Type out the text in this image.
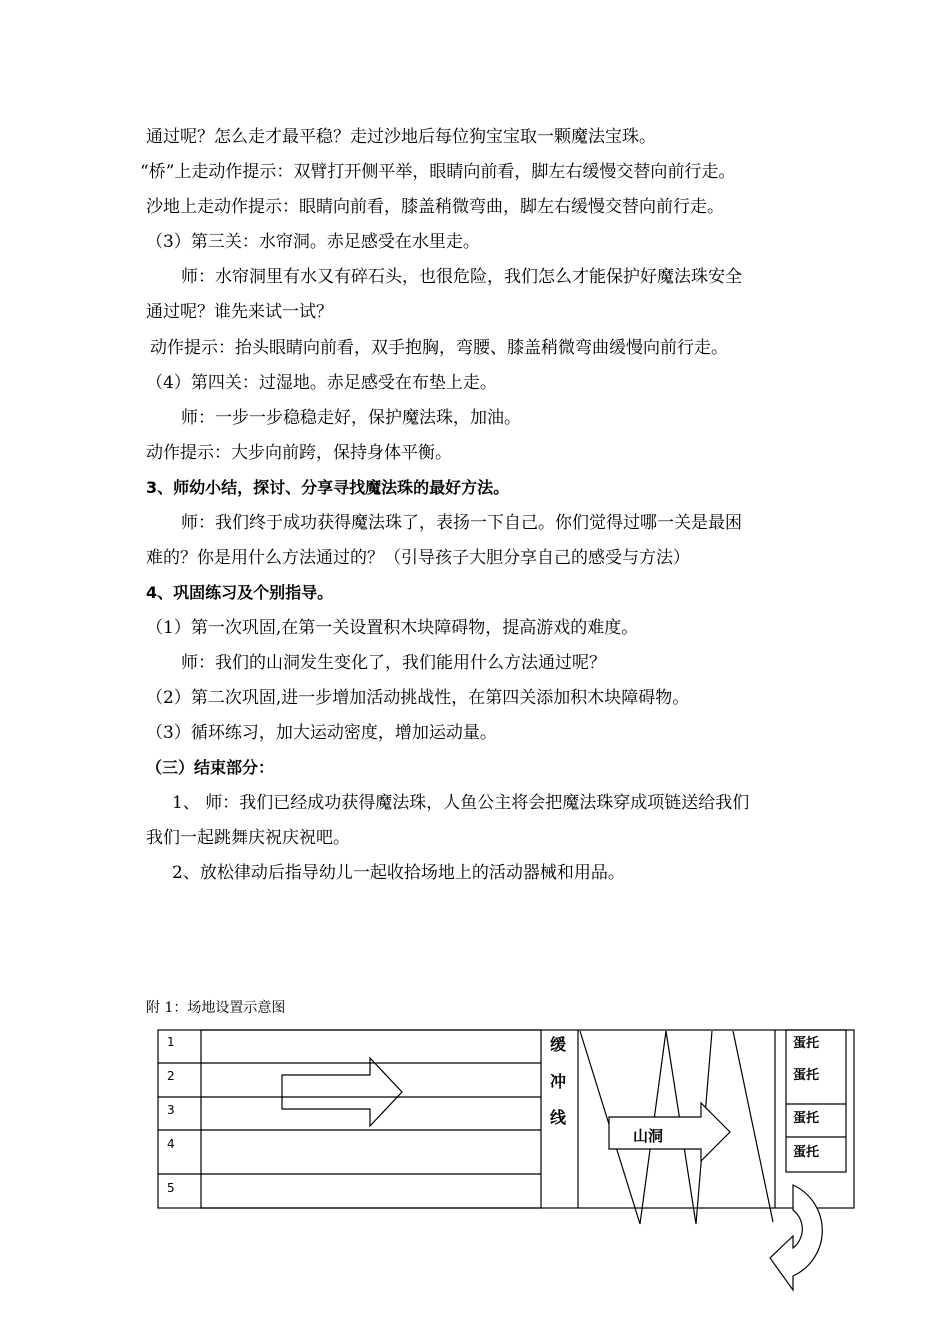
通过呢？怎么走才最平稳？走过沙地后每位狗宝宝取一颗魔法宝珠。
“桥”上走动作提示：双臂打开侧平举，眼睛向前看，脚左右缓慢交替向前行走。
沙地上走动作提示：眼睛向前看，膝盖稍微弯曲，脚左右缓慢交替向前行走。
（3）第三关：水帘洞。赤足感受在水里走。
师：水帘洞里有水又有碎石头，也很危险，我们怎么才能保护好魔法珠安全
通过呢？谁先来试一试？
动作提示：抬头眼睛向前看，双手抱胸，弯腰、膝盖稍微弯曲缓慢向前行走。
（4）第四关：过湿地。赤足感受在布垫上走。
师：一步一步稳稳走好，保护魔法珠，加油。
动作提示：大步向前跨，保持身体平衡。
3、师幼小结，探讨、分享寻找魔法珠的最好方法。
师：我们终于成功获得魔法珠了，表扬一下自己。你们觉得过哪一关是最困
难的？你是用什么方法通过的？（引导孩子大胆分享自己的感受与方法）
4、巩固练习及个别指导。
（1）第一次巩固,在第一关设置积木块障碍物，提高游戏的难度。
师：我们的山洞发生变化了，我们能用什么方法通过呢？
（2）第二次巩固,进一步增加活动挑战性，在第四关添加积木块障碍物。
（3）循环练习，加大运动密度，增加运动量。
（三）结束部分：
1、 师：我们已经成功获得魔法珠，人鱼公主将会把魔法珠穿成项链送给我们
我们一起跳舞庆祝庆祝吧。
2、放松律动后指导幼儿一起收拾场地上的活动器械和用品。
附 1：场地设置示意图
1
2
3
4
5
缓
冲
线
山洞
蛋托
蛋托
蛋托
蛋托
